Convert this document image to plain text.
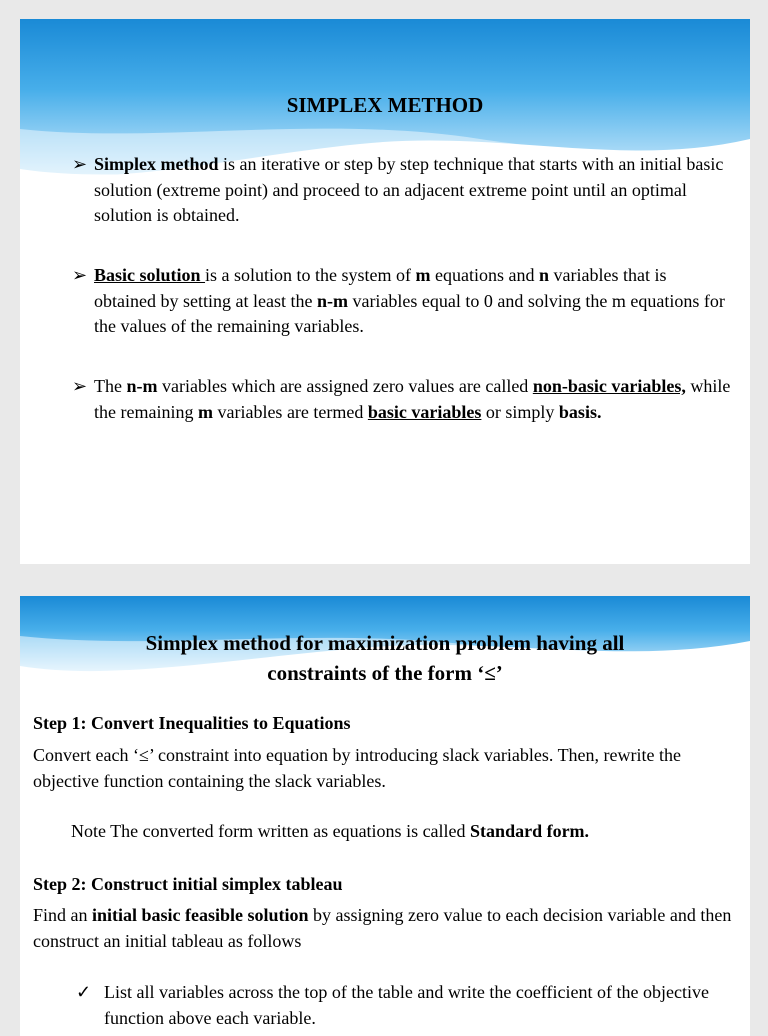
SIMPLEX METHOD
➢ Simplex method is an iterative or step by step technique that starts with an initial basic solution (extreme point) and proceed to an adjacent extreme point until an optimal solution is obtained.
➢ Basic solution is a solution to the system of m equations and n variables that is obtained by setting at least the n-m variables equal to 0 and solving the m equations for the values of the remaining variables.
➢ The n-m variables which are assigned zero values are called non-basic variables, while the remaining m variables are termed basic variables or simply basis.
Simplex method for maximization problem having all
constraints of the form ‘≤’
Step 1: Convert Inequalities to Equations
Convert each ‘≤’ constraint into equation by introducing slack variables. Then, rewrite the objective function containing the slack variables.
Note The converted form written as equations is called Standard form.
Step 2: Construct initial simplex tableau
Find an initial basic feasible solution by assigning zero value to each decision variable and then construct an initial tableau as follows
✓ List all variables across the top of the table and write the coefficient of the objective function above each variable.
